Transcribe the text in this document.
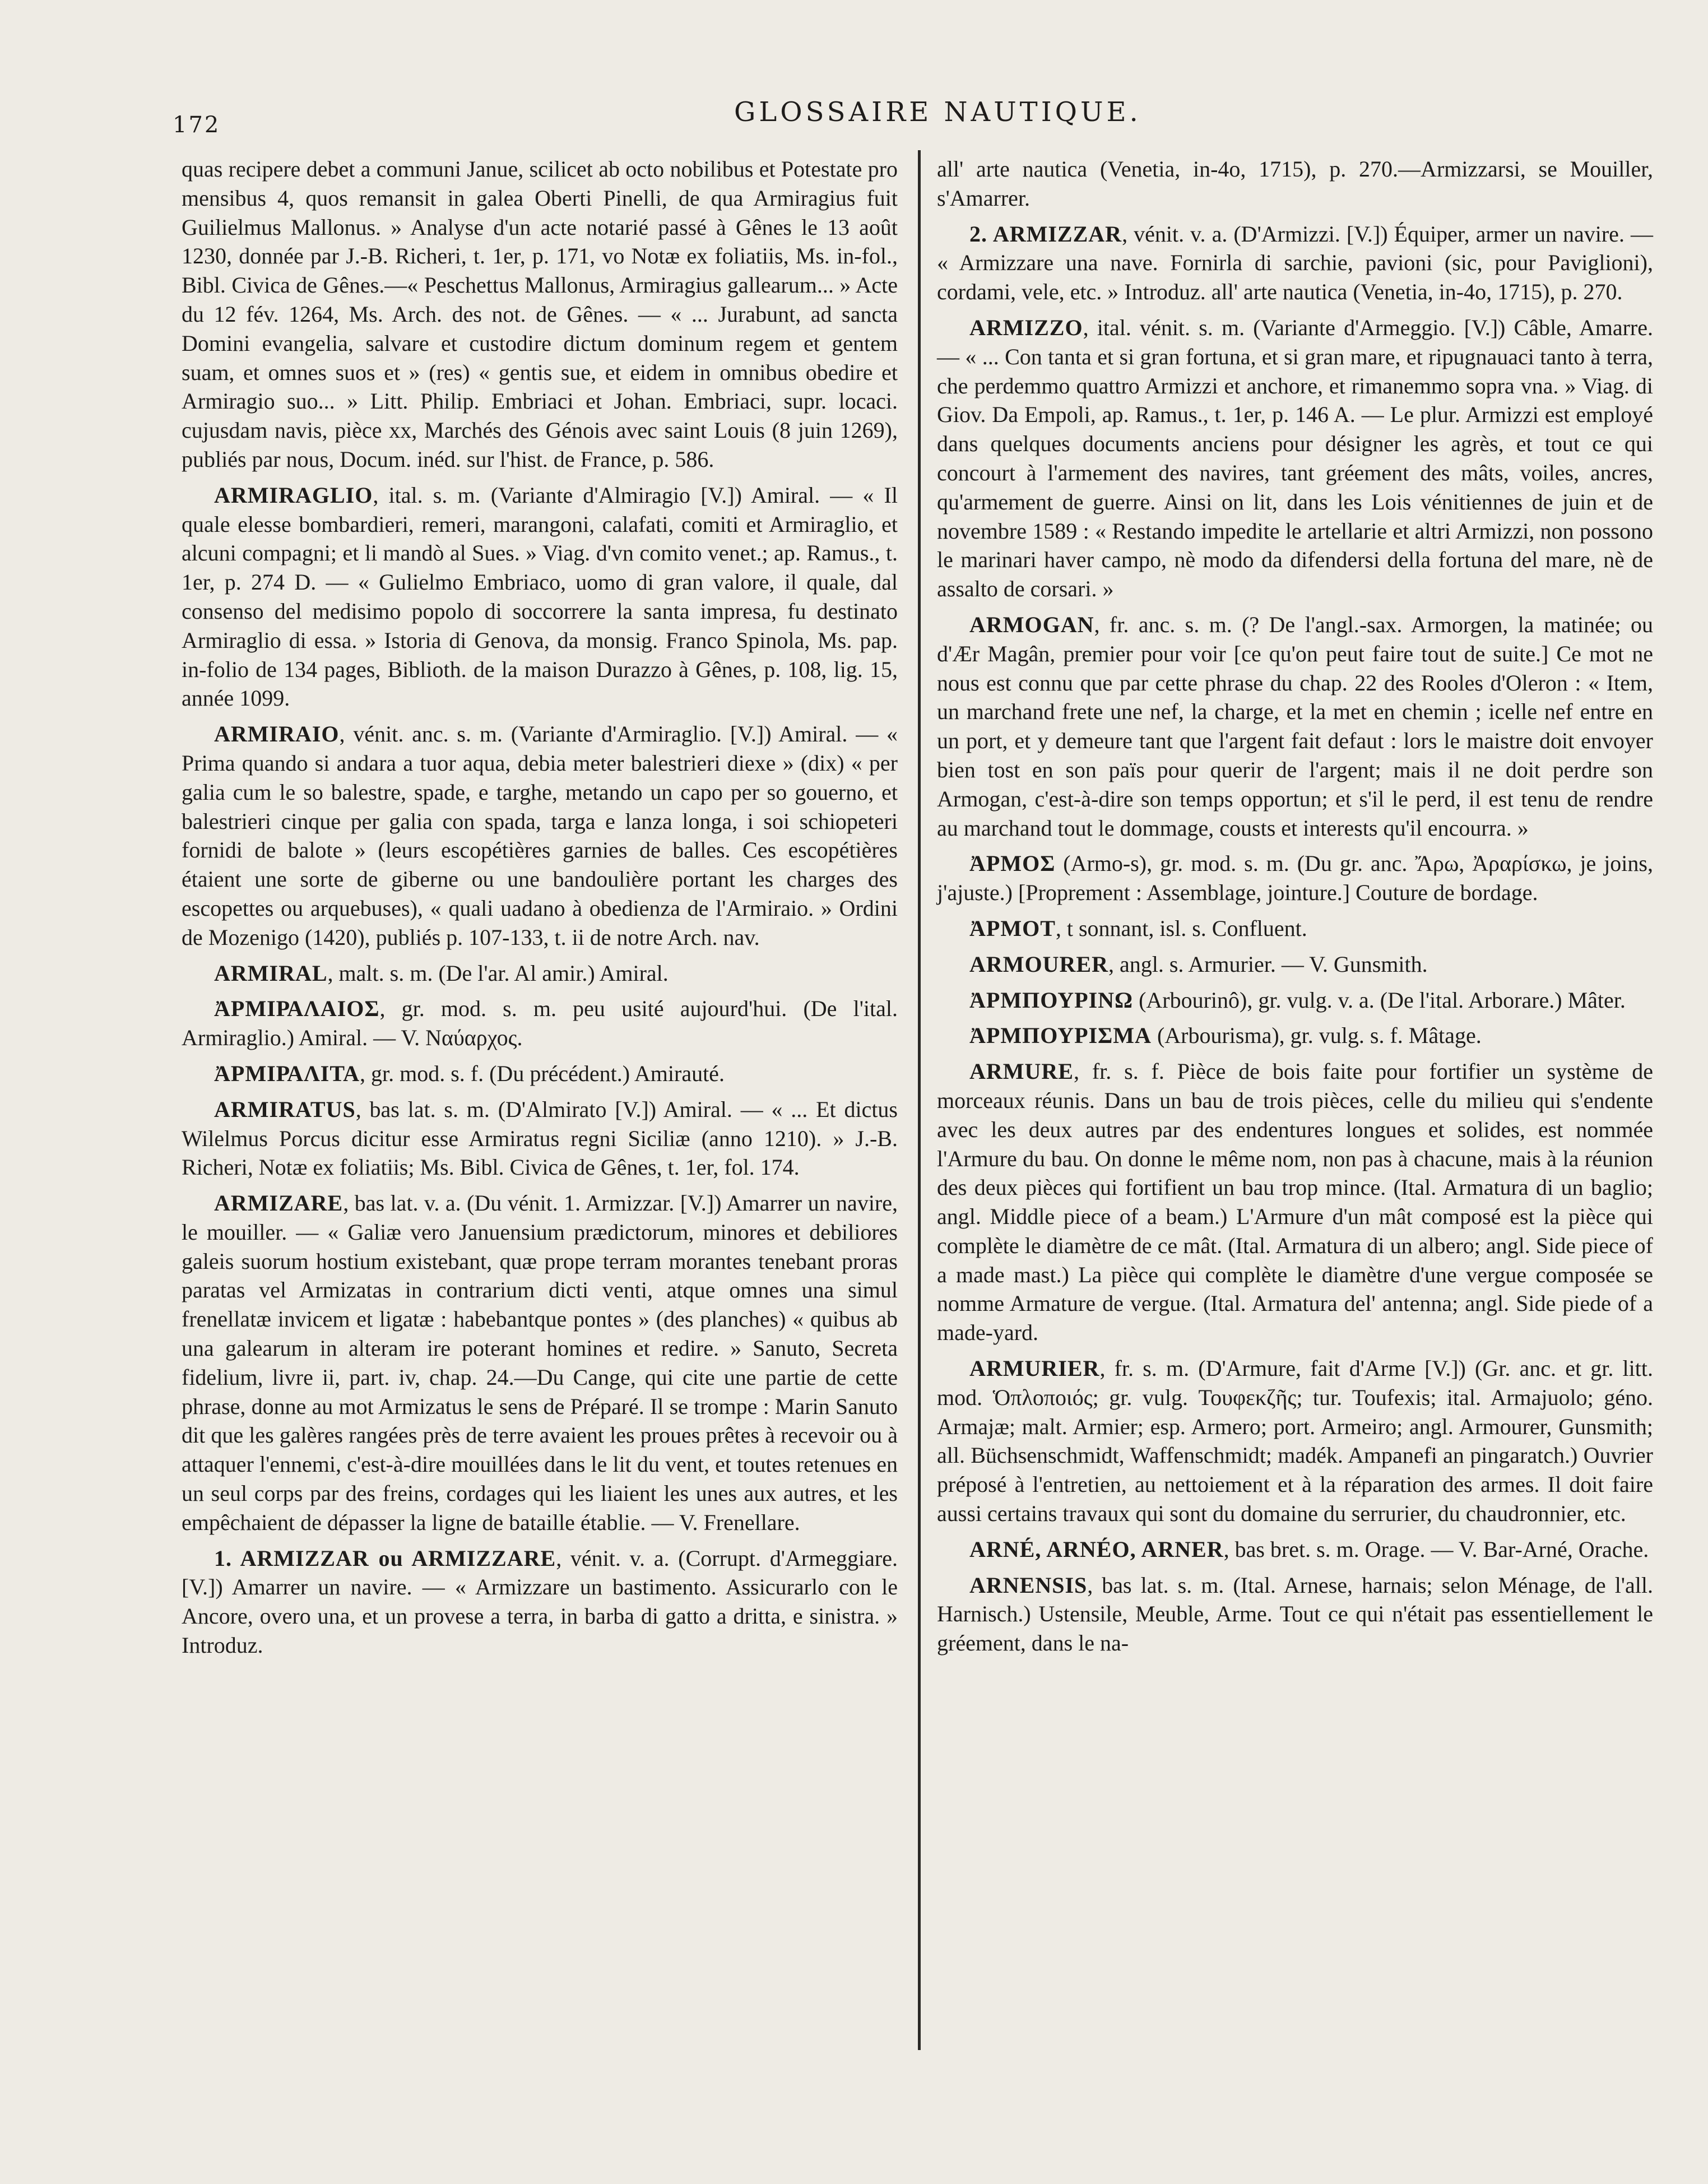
172	GLOSSAIRE NAUTIQUE.

quas recipere debet a communi Janue, scilicet ab octo nobilibus et Potestate pro mensibus 4, quos remansit in galea Oberti Pinelli, de qua Armiragius fuit Guilielmus Mallonus. » Analyse d'un acte notarié passé à Gênes le 13 août 1230, donnée par J.-B. Richeri, t. 1er, p. 171, vo Notæ ex foliatiis, Ms. in-fol., Bibl. Civica de Gênes.—« Peschettus Mallonus, Armiragius gallearum... » Acte du 12 fév. 1264, Ms. Arch. des not. de Gênes. — « ... Jurabunt, ad sancta Domini evangelia, salvare et custodire dictum dominum regem et gentem suam, et omnes suos et » (res) « gentis sue, et eidem in omnibus obedire et Armiragio suo... » Litt. Philip. Embriaci et Johan. Embriaci, supr. locaci. cujusdam navis, pièce xx, Marchés des Génois avec saint Louis (8 juin 1269), publiés par nous, Docum. inéd. sur l'hist. de France, p. 586.

ARMIRAGLIO, ital. s. m. (Variante d'Almiragio [V.]) Amiral. — « Il quale elesse bombardieri, remeri, marangoni, calafati, comiti et Armiraglio, et alcuni compagni; et li mandò al Sues. » Viag. d'vn comito venet.; ap. Ramus., t. 1er, p. 274 D. — « Gulielmo Embriaco, uomo di gran valore, il quale, dal consenso del medisimo popolo di soccorrere la santa impresa, fu destinato Armiraglio di essa. » Istoria di Genova, da monsig. Franco Spinola, Ms. pap. in-folio de 134 pages, Biblioth. de la maison Durazzo à Gênes, p. 108, lig. 15, année 1099.

ARMIRAIO, vénit. anc. s. m. (Variante d'Armiraglio. [V.]) Amiral. — « Prima quando si andara a tuor aqua, debia meter balestrieri diexe » (dix) « per galia cum le so balestre, spade, e targhe, metando un capo per so gouerno, et balestrieri cinque per galia con spada, targa e lanza longa, i soi schiopeteri fornidi de balote » (leurs escopétières garnies de balles. Ces escopétières étaient une sorte de giberne ou une bandoulière portant les charges des escopettes ou arquebuses), « quali uadano à obedienza de l'Armiraio. » Ordini de Mozenigo (1420), publiés p. 107-133, t. ii de notre Arch. nav.

ARMIRAL, malt. s. m. (De l'ar. Al amir.) Amiral.

ἈΡΜΙΡΑΛΑΙΟΣ, gr. mod. s. m. peu usité aujourd'hui. (De l'ital. Armiraglio.) Amiral. — V. Ναύαρχος.

ἈΡΜΙΡΑΛΙΤΑ, gr. mod. s. f. (Du précédent.) Amirauté.

ARMIRATUS, bas lat. s. m. (D'Almirato [V.]) Amiral. — « ... Et dictus Wilelmus Porcus dicitur esse Armiratus regni Siciliæ (anno 1210). » J.-B. Richeri, Notæ ex foliatiis; Ms. Bibl. Civica de Gênes, t. 1er, fol. 174.

ARMIZARE, bas lat. v. a. (Du vénit. 1. Armizzar. [V.]) Amarrer un navire, le mouiller. — « Galiæ vero Januensium prædictorum, minores et debiliores galeis suorum hostium existebant, quæ prope terram morantes tenebant proras paratas vel Armizatas in contrarium dicti venti, atque omnes una simul frenellatæ invicem et ligatæ : habebantque pontes » (des planches) « quibus ab una galearum in alteram ire poterant homines et redire. » Sanuto, Secreta fidelium, livre ii, part. iv, chap. 24.—Du Cange, qui cite une partie de cette phrase, donne au mot Armizatus le sens de Préparé. Il se trompe : Marin Sanuto dit que les galères rangées près de terre avaient les proues prêtes à recevoir ou à attaquer l'ennemi, c'est-à-dire mouillées dans le lit du vent, et toutes retenues en un seul corps par des freins, cordages qui les liaient les unes aux autres, et les empêchaient de dépasser la ligne de bataille établie. — V. Frenellare.

1. ARMIZZAR ou ARMIZZARE, vénit. v. a. (Corrupt. d'Armeggiare. [V.]) Amarrer un navire. — « Armizzare un bastimento. Assicurarlo con le Ancore, overo una, et un provese a terra, in barba di gatto a dritta, e sinistra. » Introduz.

all' arte nautica (Venetia, in-4o, 1715), p. 270.—Armizzarsi, se Mouiller, s'Amarrer.

2. ARMIZZAR, vénit. v. a. (D'Armizzi. [V.]) Équiper, armer un navire. — « Armizzare una nave. Fornirla di sarchie, pavioni (sic, pour Paviglioni), cordami, vele, etc. » Introduz. all' arte nautica (Venetia, in-4o, 1715), p. 270.

ARMIZZO, ital. vénit. s. m. (Variante d'Armeggio. [V.]) Câble, Amarre. — « ... Con tanta et si gran fortuna, et si gran mare, et ripugnauaci tanto à terra, che perdemmo quattro Armizzi et anchore, et rimanemmo sopra vna. » Viag. di Giov. Da Empoli, ap. Ramus., t. 1er, p. 146 A. — Le plur. Armizzi est employé dans quelques documents anciens pour désigner les agrès, et tout ce qui concourt à l'armement des navires, tant gréement des mâts, voiles, ancres, qu'armement de guerre. Ainsi on lit, dans les Lois vénitiennes de juin et de novembre 1589 : « Restando impedite le artellarie et altri Armizzi, non possono le marinari haver campo, nè modo da difendersi della fortuna del mare, nè de assalto de corsari. »

ARMOGAN, fr. anc. s. m. (? De l'angl.-sax. Armorgen, la matinée; ou d'Ær Magân, premier pour voir [ce qu'on peut faire tout de suite.] Ce mot ne nous est connu que par cette phrase du chap. 22 des Rooles d'Oleron : « Item, un marchand frete une nef, la charge, et la met en chemin ; icelle nef entre en un port, et y demeure tant que l'argent fait defaut : lors le maistre doit envoyer bien tost en son païs pour querir de l'argent; mais il ne doit perdre son Armogan, c'est-à-dire son temps opportun; et s'il le perd, il est tenu de rendre au marchand tout le dommage, cousts et interests qu'il encourra. »

ἈΡΜΟΣ (Armo-s), gr. mod. s. m. (Du gr. anc. Ἄρω, Ἀραρίσκω, je joins, j'ajuste.) [Proprement : Assemblage, jointure.] Couture de bordage.

ἈΡΜΟΤ, t sonnant, isl. s. Confluent.

ARMOURER, angl. s. Armurier. — V. Gunsmith.

ἈΡΜΠΟΥΡΙΝΩ (Arbourinô), gr. vulg. v. a. (De l'ital. Arborare.) Mâter.

ἈΡΜΠΟΥΡΙΣΜΑ (Arbourisma), gr. vulg. s. f. Mâtage.

ARMURE, fr. s. f. Pièce de bois faite pour fortifier un système de morceaux réunis. Dans un bau de trois pièces, celle du milieu qui s'endente avec les deux autres par des endentures longues et solides, est nommée l'Armure du bau. On donne le même nom, non pas à chacune, mais à la réunion des deux pièces qui fortifient un bau trop mince. (Ital. Armatura di un baglio; angl. Middle piece of a beam.) L'Armure d'un mât composé est la pièce qui complète le diamètre de ce mât. (Ital. Armatura di un albero; angl. Side piece of a made mast.) La pièce qui complète le diamètre d'une vergue composée se nomme Armature de vergue. (Ital. Armatura del' antenna; angl. Side piede of a made-yard.

ARMURIER, fr. s. m. (D'Armure, fait d'Arme [V.]) (Gr. anc. et gr. litt. mod. Ὁπλοποιός; gr. vulg. Τουφεκζῆς; tur. Toufexis; ital. Armajuolo; géno. Armajæ; malt. Armier; esp. Armero; port. Armeiro; angl. Armourer, Gunsmith; all. Büchsenschmidt, Waffenschmidt; madék. Ampanefi an pingaratch.) Ouvrier préposé à l'entretien, au nettoiement et à la réparation des armes. Il doit faire aussi certains travaux qui sont du domaine du serrurier, du chaudronnier, etc.

ARNÉ, ARNÉO, ARNER, bas bret. s. m. Orage. — V. Bar-Arné, Orache.

ARNENSIS, bas lat. s. m. (Ital. Arnese, harnais; selon Ménage, de l'all. Harnisch.) Ustensile, Meuble, Arme. Tout ce qui n'était pas essentiellement le gréement, dans le na-
